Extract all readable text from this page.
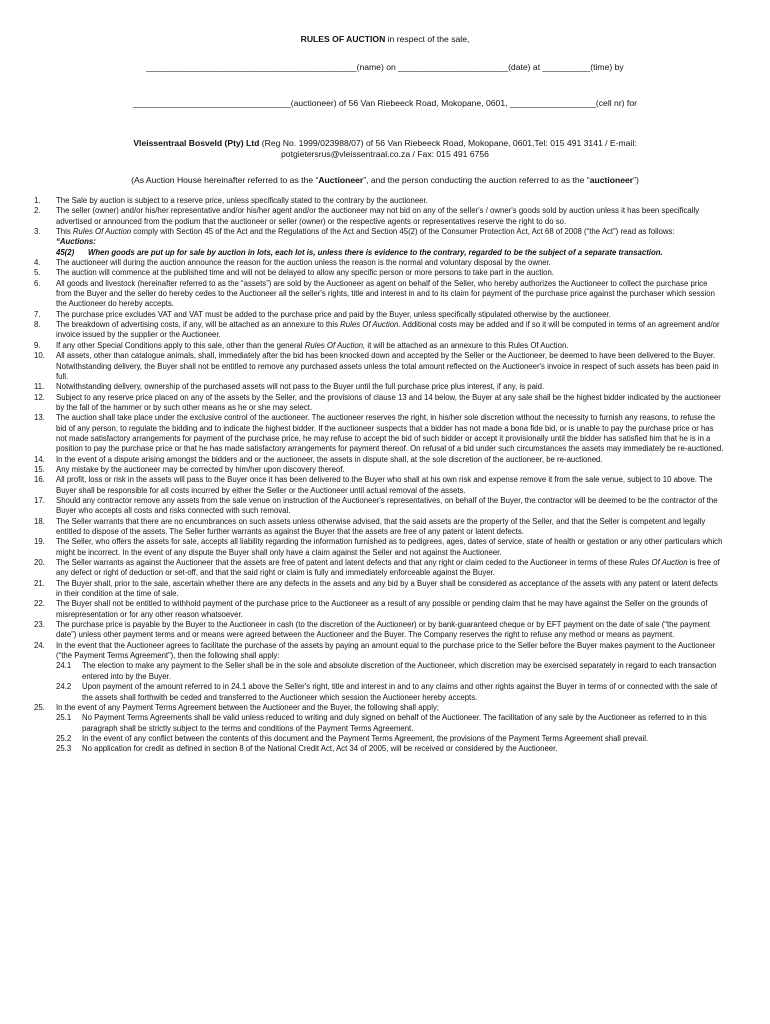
RULES OF AUCTION in respect of the sale,
____________________________________________(name) on _______________________(date) at __________(time) by
_________________________________(auctioneer) of 56 Van Riebeeck Road, Mokopane, 0601, __________________(cell nr) for
Vleissentraal Bosveld (Pty) Ltd (Reg No. 1999/023988/07) of 56 Van Riebeeck Road, Mokopane, 0601,Tel: 015 491 3141 / E-mail:
potgietersrus@vleissentraal.co.za / Fax: 015 491 6756
(As Auction House hereinafter referred to as the “Auctioneer”, and the person conducting the auction referred to as the “auctioneer”)
1.	The Sale by auction is subject to a reserve price, unless specifically stated to the contrary by the auctioneer.
2.	The seller (owner) and/or his/her representative and/or his/her agent and/or the auctioneer may not bid on any of the seller's / owner's goods sold by auction unless it has been specifically advertised or announced from the podium that the auctioneer or seller (owner) or the respective agents or representatives reserve the right to do so.
3.	This Rules Of Auction comply with Section 45 of the Act and the Regulations of the Act and Section 45(2) of the Consumer Protection Act, Act 68 of 2008 (“the Act”) read as follows:
“Auctions:
45(2) When goods are put up for sale by auction in lots, each lot is, unless there is evidence to the contrary, regarded to be the subject of a separate transaction.
4.	The auctioneer will during the auction announce the reason for the auction unless the reason is the normal and voluntary disposal by the owner.
5.	The auction will commence at the published time and will not be delayed to allow any specific person or more persons to take part in the auction.
6.	All goods and livestock (hereinafter referred to as the “assets”) are sold by the Auctioneer as agent on behalf of the Seller, who hereby authorizes the Auctioneer to collect the purchase price from the Buyer and the seller do hereby cedes to the Auctioneer all the seller's rights, title and interest in and to its claim for payment of the purchase price against the purchaser which session the Auctioneer do hereby accepts.
7.	The purchase price excludes VAT and VAT must be added to the purchase price and paid by the Buyer, unless specifically stipulated otherwise by the auctioneer.
8.	The breakdown of advertising costs, if any, will be attached as an annexure to this Rules Of Auction. Additional costs may be added and if so it will be computed in terms of an agreement and/or invoice issued by the supplier or the Auctioneer.
9.	If any other Special Conditions apply to this sale, other than the general Rules Of Auction, it will be attached as an annexure to this Rules Of Auction.
10.	All assets, other than catalogue animals, shall, immediately after the bid has been knocked down and accepted by the Seller or the Auctioneer, be deemed to have been delivered to the Buyer. Notwithstanding delivery, the Buyer shall not be entitled to remove any purchased assets unless the total amount reflected on the Auctioneer's invoice in respect of such assets has been paid in full.
11.	Notwithstanding delivery, ownership of the purchased assets will not pass to the Buyer until the full purchase price plus interest, if any, is paid.
12.	Subject to any reserve price placed on any of the assets by the Seller, and the provisions of clause 13 and 14 below, the Buyer at any sale shall be the highest bidder indicated by the auctioneer by the fall of the hammer or by such other means as he or she may select.
13.	The auction shall take place under the exclusive control of the auctioneer. The auctioneer reserves the right, in his/her sole discretion without the necessity to furnish any reasons, to refuse the bid of any person, to regulate the bidding and to indicate the highest bidder. If the auctioneer suspects that a bidder has not made a bona fide bid, or is unable to pay the purchase price or has not made satisfactory arrangements for payment of the purchase price, he may refuse to accept the bid of such bidder or accept it provisionally until the bidder has satisfied him that he is in a position to pay the purchase price or that he has made satisfactory arrangements for payment thereof. On refusal of a bid under such circumstances the assets may immediately be re-auctioned.
14.	In the event of a dispute arising amongst the bidders and or the auctioneer, the assets in dispute shall, at the sole discretion of the auctioneer, be re-auctioned.
15.	Any mistake by the auctioneer may be corrected by him/her upon discovery thereof.
16.	All profit, loss or risk in the assets will pass to the Buyer once it has been delivered to the Buyer who shall at his own risk and expense remove it from the sale venue, subject to 10 above. The Buyer shall be responsible for all costs incurred by either the Seller or the Auctioneer until actual removal of the assets.
17.	Should any contractor remove any assets from the sale venue on instruction of the Auctioneer's representatives, on behalf of the Buyer, the contractor will be deemed to be the contractor of the Buyer who accepts all costs and risks connected with such removal.
18.	The Seller warrants that there are no encumbrances on such assets unless otherwise advised, that the said assets are the property of the Seller, and that the Seller is competent and legally entitled to dispose of the assets. The Seller further warrants as against the Buyer that the assets are free of any patent or latent defects.
19.	The Seller, who offers the assets for sale, accepts all liability regarding the information furnished as to pedigrees, ages, dates of service, state of health or gestation or any other particulars which might be incorrect. In the event of any dispute the Buyer shall only have a claim against the Seller and not against the Auctioneer.
20.	The Seller warrants as against the Auctioneer that the assets are free of patent and latent defects and that any right or claim ceded to the Auctioneer in terms of these Rules Of Auction is free of any defect or right of deduction or set-off, and that the said right or claim is fully and immediately enforceable against the Buyer.
21.	The Buyer shall, prior to the sale, ascertain whether there are any defects in the assets and any bid by a Buyer shall be considered as acceptance of the assets with any patent or latent defects in their condition at the time of sale.
22.	The Buyer shall not be entitled to withhold payment of the purchase price to the Auctioneer as a result of any possible or pending claim that he may have against the Seller on the grounds of misrepresentation or for any other reason whatsoever.
23.	The purchase price is payable by the Buyer to the Auctioneer in cash (to the discretion of the Auctioneer) or by bank-guaranteed cheque or by EFT payment on the date of sale (“the payment date”) unless other payment terms and or means were agreed between the Auctioneer and the Buyer. The Company reserves the right to refuse any method or means as payment.
24.	In the event that the Auctioneer agrees to facilitate the purchase of the assets by paying an amount equal to the purchase price to the Seller before the Buyer makes payment to the Auctioneer (“the Payment Terms Agreement”), then the following shall apply:
24.1 The election to make any payment to the Seller shall be in the sole and absolute discretion of the Auctioneer, which discretion may be exercised separately in regard to each transaction entered into by the Buyer.
24.2 Upon payment of the amount referred to in 24.1 above the Seller's right, title and interest in and to any claims and other rights against the Buyer in terms of or connected with the sale of the assets shall forthwith be ceded and transferred to the Auctioneer which session the Auctioneer hereby accepts.
25.	In the event of any Payment Terms Agreement between the Auctioneer and the Buyer, the following shall apply;
25.1 No Payment Terms Agreements shall be valid unless reduced to writing and duly signed on behalf of the Auctioneer. The facilitation of any sale by the Auctioneer as referred to in this paragraph shall be strictly subject to the terms and conditions of the Payment Terms Agreement.
25.2 In the event of any conflict between the contents of this document and the Payment Terms Agreement, the provisions of the Payment Terms Agreement shall prevail.
25.3 No application for credit as defined in section 8 of the National Credit Act, Act 34 of 2005, will be received or considered by the Auctioneer.
